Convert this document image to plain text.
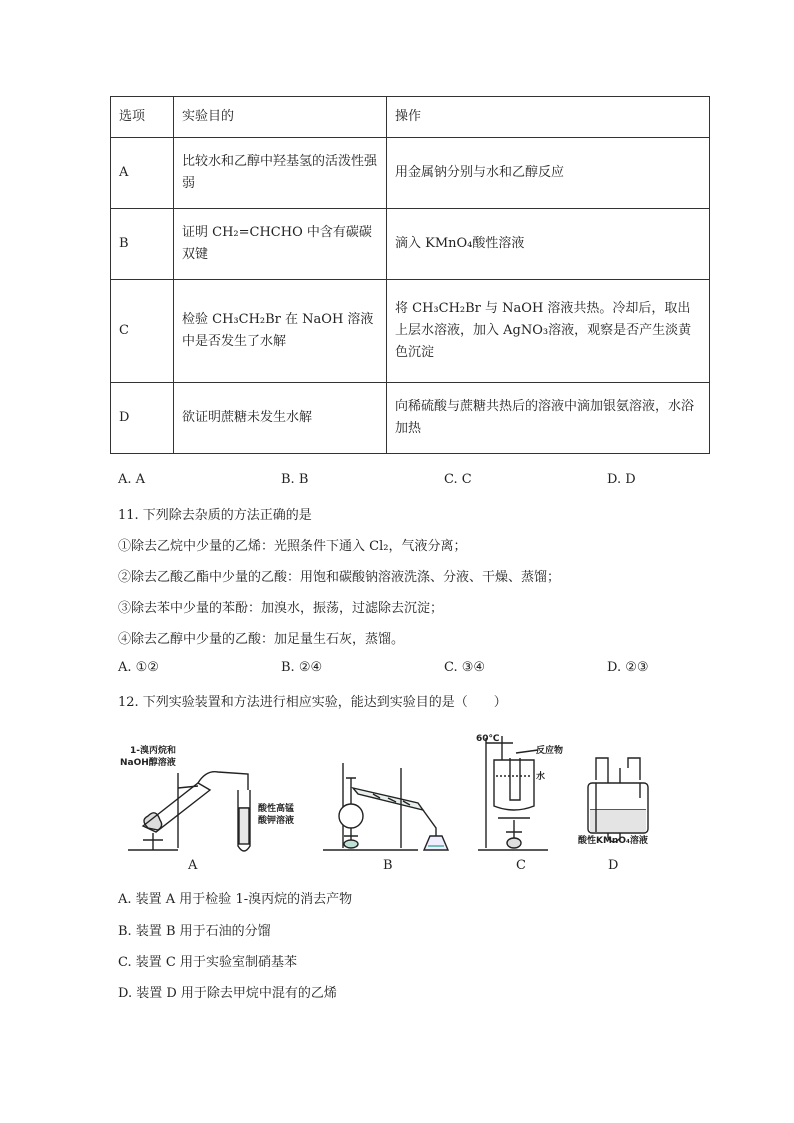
选项	实验目的	操作
A	比较水和乙醇中羟基氢的活泼性强弱	用金属钠分别与水和乙醇反应
B	证明 CH₂=CHCHO 中含有碳碳双键	滴入 KMnO₄酸性溶液
C	检验 CH₃CH₂Br 在 NaOH 溶液中是否发生了水解	将 CH₃CH₂Br 与 NaOH 溶液共热。冷却后，取出上层水溶液，加入 AgNO₃溶液，观察是否产生淡黄色沉淀
D	欲证明蔗糖未发生水解	向稀硫酸与蔗糖共热后的溶液中滴加银氨溶液，水浴加热
A. A	B. B	C. C	D. D
11. 下列除去杂质的方法正确的是
①除去乙烷中少量的乙烯：光照条件下通入 Cl₂，气液分离；
②除去乙酸乙酯中少量的乙酸：用饱和碳酸钠溶液洗涤、分液、干燥、蒸馏；
③除去苯中少量的苯酚：加溴水，振荡，过滤除去沉淀；
④除去乙醇中少量的乙酸：加足量生石灰，蒸馏。
A. ①②	B. ②④	C. ③④	D. ②③
12. 下列实验装置和方法进行相应实验，能达到实验目的是（　　）
1-溴丙烷和
NaOH醇溶液
酸性高锰
酸钾溶液
60℃
反应物
水
酸性KMnO₄溶液
A	B	C	D
A. 装置 A 用于检验 1-溴丙烷的消去产物
B. 装置 B 用于石油的分馏
C. 装置 C 用于实验室制硝基苯
D. 装置 D 用于除去甲烷中混有的乙烯
